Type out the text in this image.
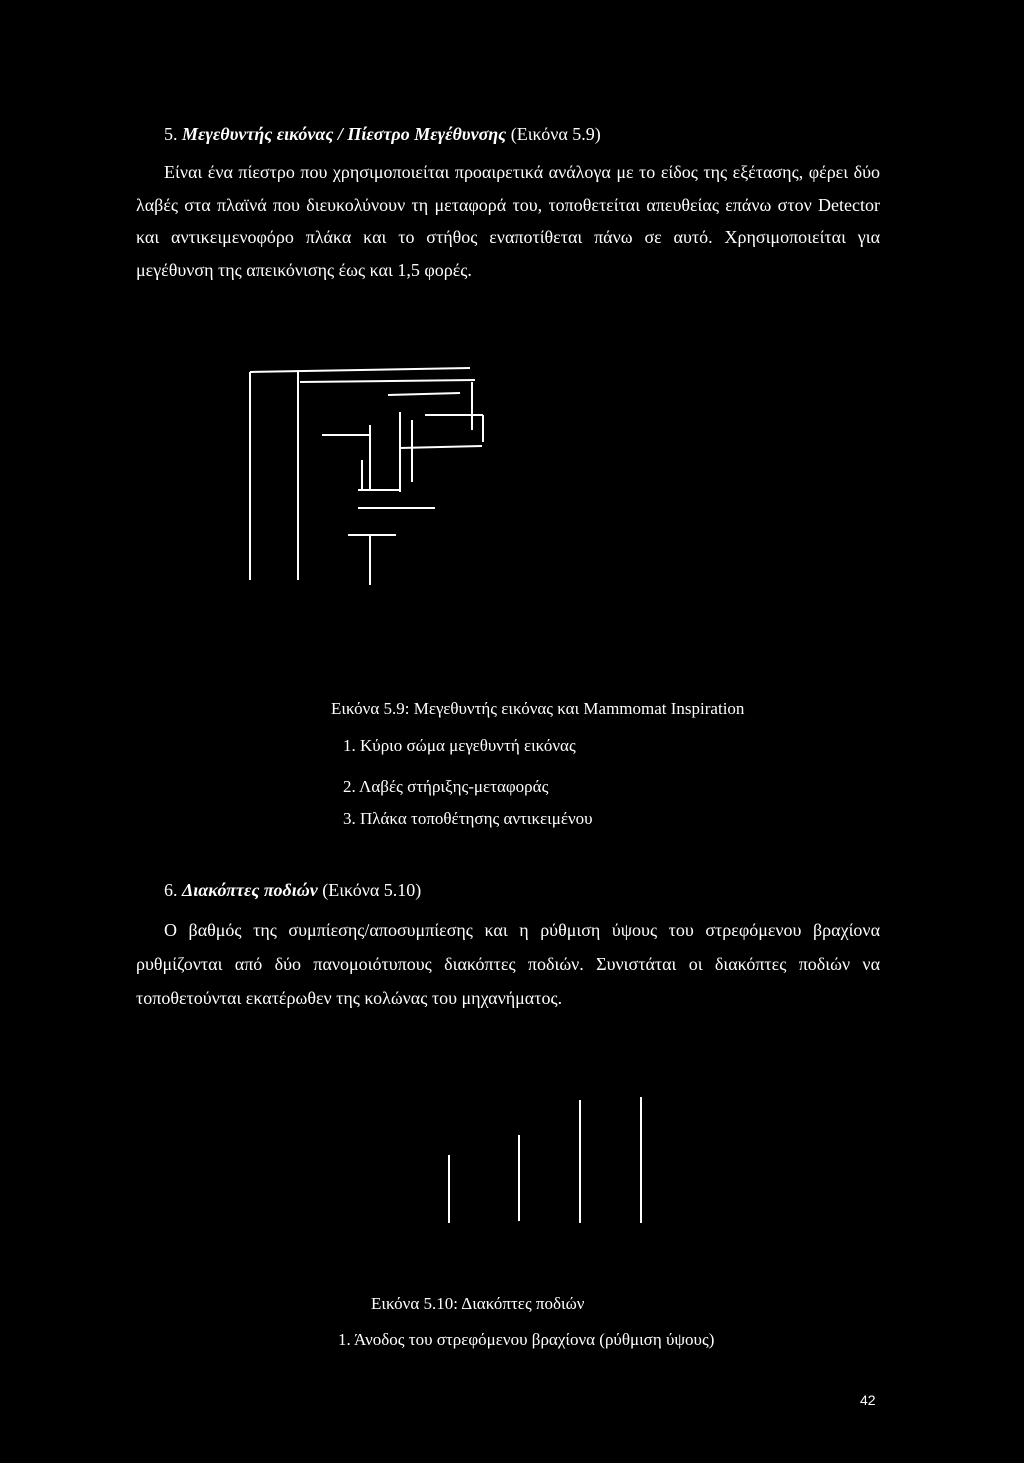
5. Μεγεθυντής εικόνας / Πίεστρο Μεγέθυνσης (Εικόνα 5.9)
Είναι ένα πίεστρο που χρησιμοποιείται προαιρετικά ανάλογα με το είδος της εξέτασης, φέρει δύο λαβές στα πλαϊνά που διευκολύνουν τη μεταφορά του, τοποθετείται απευθείας επάνω στον Detector και αντικειμενοφόρο πλάκα και το στήθος εναποτίθεται πάνω σε αυτό. Χρησιμοποιείται για μεγέθυνση της απεικόνισης έως και 1,5 φορές.
Εικόνα 5.9: Μεγεθυντής εικόνας και Mammomat Inspiration
1. Κύριο σώμα μεγεθυντή εικόνας
2. Λαβές στήριξης-μεταφοράς
3. Πλάκα τοποθέτησης αντικειμένου
6. Διακόπτες ποδιών (Εικόνα 5.10)
Ο βαθμός της συμπίεσης/αποσυμπίεσης και η ρύθμιση ύψους του στρεφόμενου βραχίονα ρυθμίζονται από δύο πανομοιότυπους διακόπτες ποδιών. Συνιστάται οι διακόπτες ποδιών να τοποθετούνται εκατέρωθεν της κολώνας του μηχανήματος.
Εικόνα 5.10: Διακόπτες ποδιών
1. Άνοδος του στρεφόμενου βραχίονα (ρύθμιση ύψους)
42
